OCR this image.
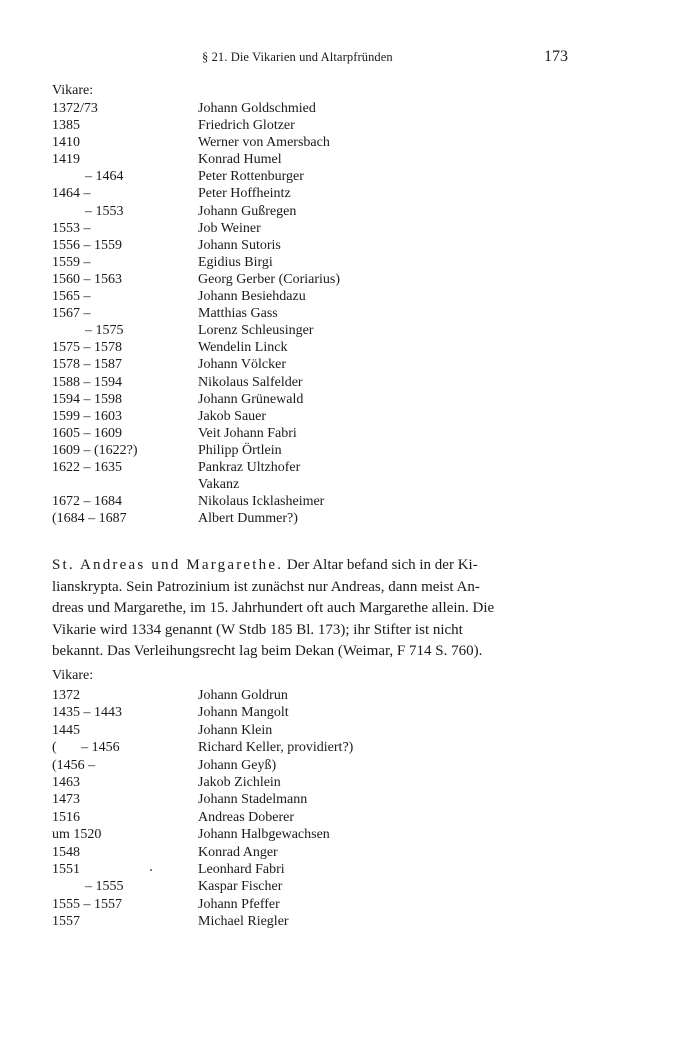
§ 21. Die Vikarien und Altarpfründen	173
Vikare:
1372/73	Johann Goldschmied
1385	Friedrich Glotzer
1410	Werner von Amersbach
1419	Konrad Humel
– 1464	Peter Rottenburger
1464 –	Peter Hoffheintz
– 1553	Johann Gußregen
1553 –	Job Weiner
1556 – 1559	Johann Sutoris
1559 –	Egidius Birgi
1560 – 1563	Georg Gerber (Coriarius)
1565 –	Johann Besiehdazu
1567 –	Matthias Gass
– 1575	Lorenz Schleusinger
1575 – 1578	Wendelin Linck
1578 – 1587	Johann Völcker
1588 – 1594	Nikolaus Salfelder
1594 – 1598	Johann Grünewald
1599 – 1603	Jakob Sauer
1605 – 1609	Veit Johann Fabri
1609 – (1622?)	Philipp Örtlein
1622 – 1635	Pankraz Ultzhofer
Vakanz
1672 – 1684	Nikolaus Icklasheimer
(1684 – 1687	Albert Dummer?)
St. Andreas und Margarethe. Der Altar befand sich in der Ki-
lianskrypta. Sein Patrozinium ist zunächst nur Andreas, dann meist An-
dreas und Margarethe, im 15. Jahrhundert oft auch Margarethe allein. Die
Vikarie wird 1334 genannt (W Stdb 185 Bl. 173); ihr Stifter ist nicht
bekannt. Das Verleihungsrecht lag beim Dekan (Weimar, F 714 S. 760).
Vikare:
1372	Johann Goldrun
1435 – 1443	Johann Mangolt
1445	Johann Klein
(       – 1456	Richard Keller, providiert?)
(1456 –	Johann Geyß)
1463	Jakob Zichlein
1473	Johann Stadelmann
1516	Andreas Doberer
um 1520	Johann Halbgewachsen
1548	Konrad Anger
1551	Leonhard Fabri
– 1555	Kaspar Fischer
1555 – 1557	Johann Pfeffer
1557	Michael Riegler
